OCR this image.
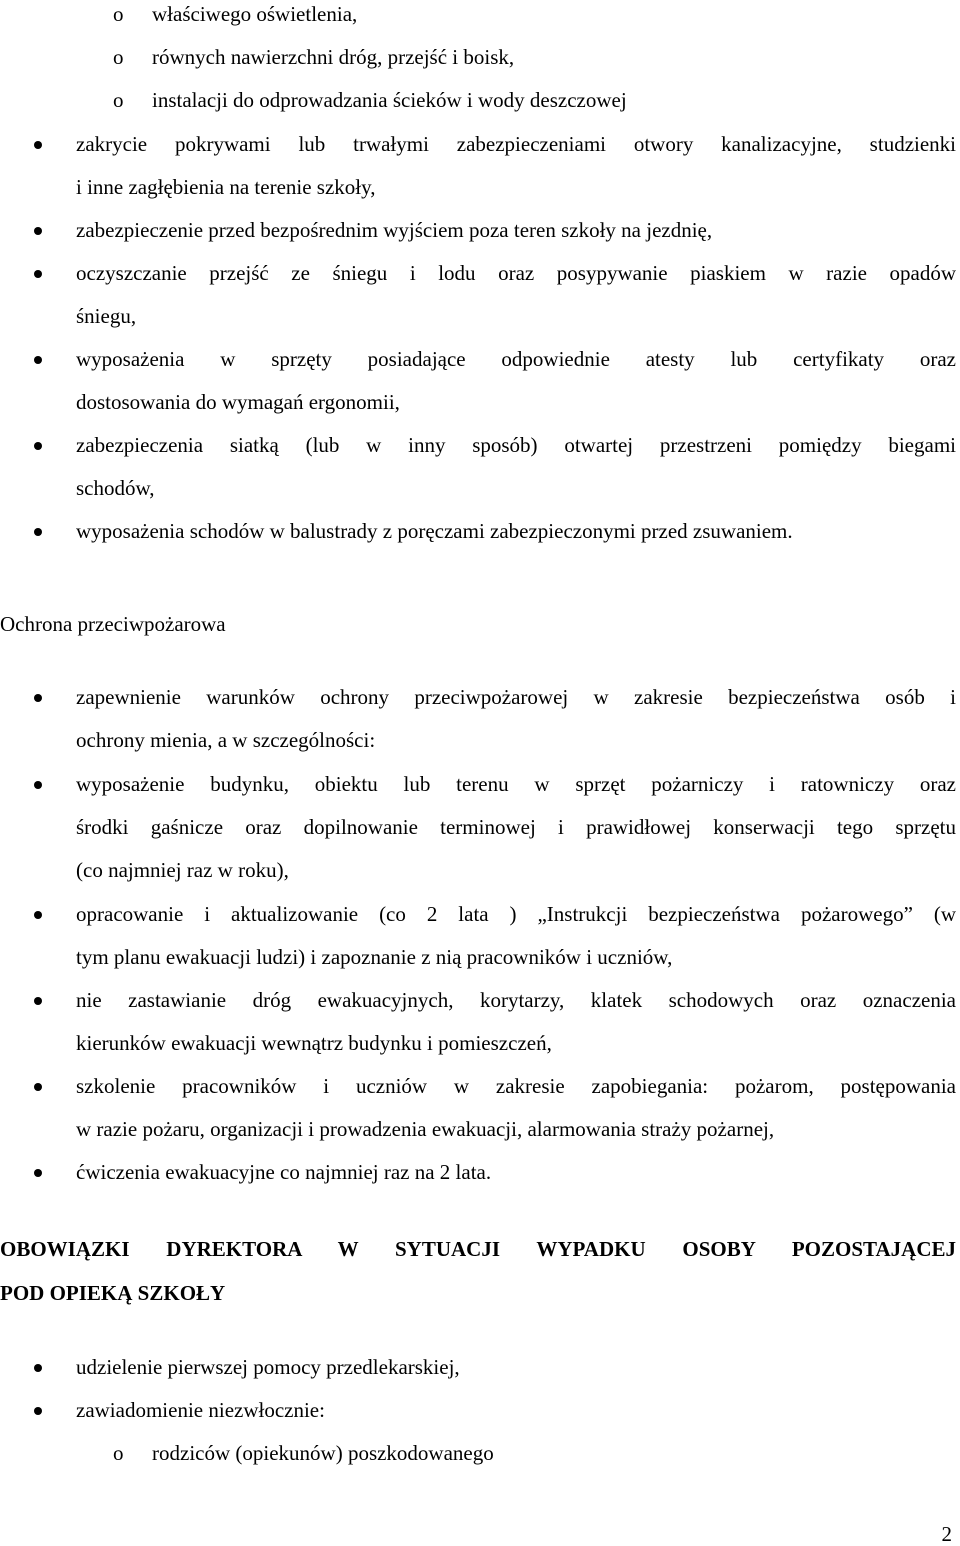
o właściwego oświetlenia,
o równych nawierzchni dróg, przejść i boisk,
o instalacji do odprowadzania ścieków i wody deszczowej
zakrycie pokrywami lub trwałymi zabezpieczeniami otwory kanalizacyjne, studzienki
i inne zagłębienia na terenie szkoły,
zabezpieczenie przed bezpośrednim wyjściem poza teren szkoły na jezdnię,
oczyszczanie przejść ze śniegu i lodu oraz posypywanie piaskiem w razie opadów
śniegu,
wyposażenia w sprzęty posiadające odpowiednie atesty lub certyfikaty oraz
dostosowania do wymagań ergonomii,
zabezpieczenia siatką (lub w inny sposób) otwartej przestrzeni pomiędzy biegami
schodów,
wyposażenia schodów w balustrady z poręczami zabezpieczonymi przed zsuwaniem.
Ochrona przeciwpożarowa
zapewnienie warunków ochrony przeciwpożarowej w zakresie bezpieczeństwa osób i
ochrony mienia, a w szczególności:
wyposażenie budynku, obiektu lub terenu w sprzęt pożarniczy i ratowniczy oraz
środki gaśnicze oraz dopilnowanie terminowej i prawidłowej konserwacji tego sprzętu
(co najmniej raz w roku),
opracowanie i aktualizowanie (co 2 lata ) „Instrukcji bezpieczeństwa pożarowego” (w
tym planu ewakuacji ludzi) i zapoznanie z nią pracowników i uczniów,
nie zastawianie dróg ewakuacyjnych, korytarzy, klatek schodowych oraz oznaczenia
kierunków ewakuacji wewnątrz budynku i pomieszczeń,
szkolenie pracowników i uczniów w zakresie zapobiegania: pożarom, postępowania
w razie pożaru, organizacji i prowadzenia ewakuacji, alarmowania straży pożarnej,
ćwiczenia ewakuacyjne co najmniej raz na 2 lata.
OBOWIĄZKI DYREKTORA W SYTUACJI WYPADKU OSOBY POZOSTAJĄCEJ
POD OPIEKĄ SZKOŁY
udzielenie pierwszej pomocy przedlekarskiej,
zawiadomienie niezwłocznie:
o rodziców (opiekunów) poszkodowanego
2
